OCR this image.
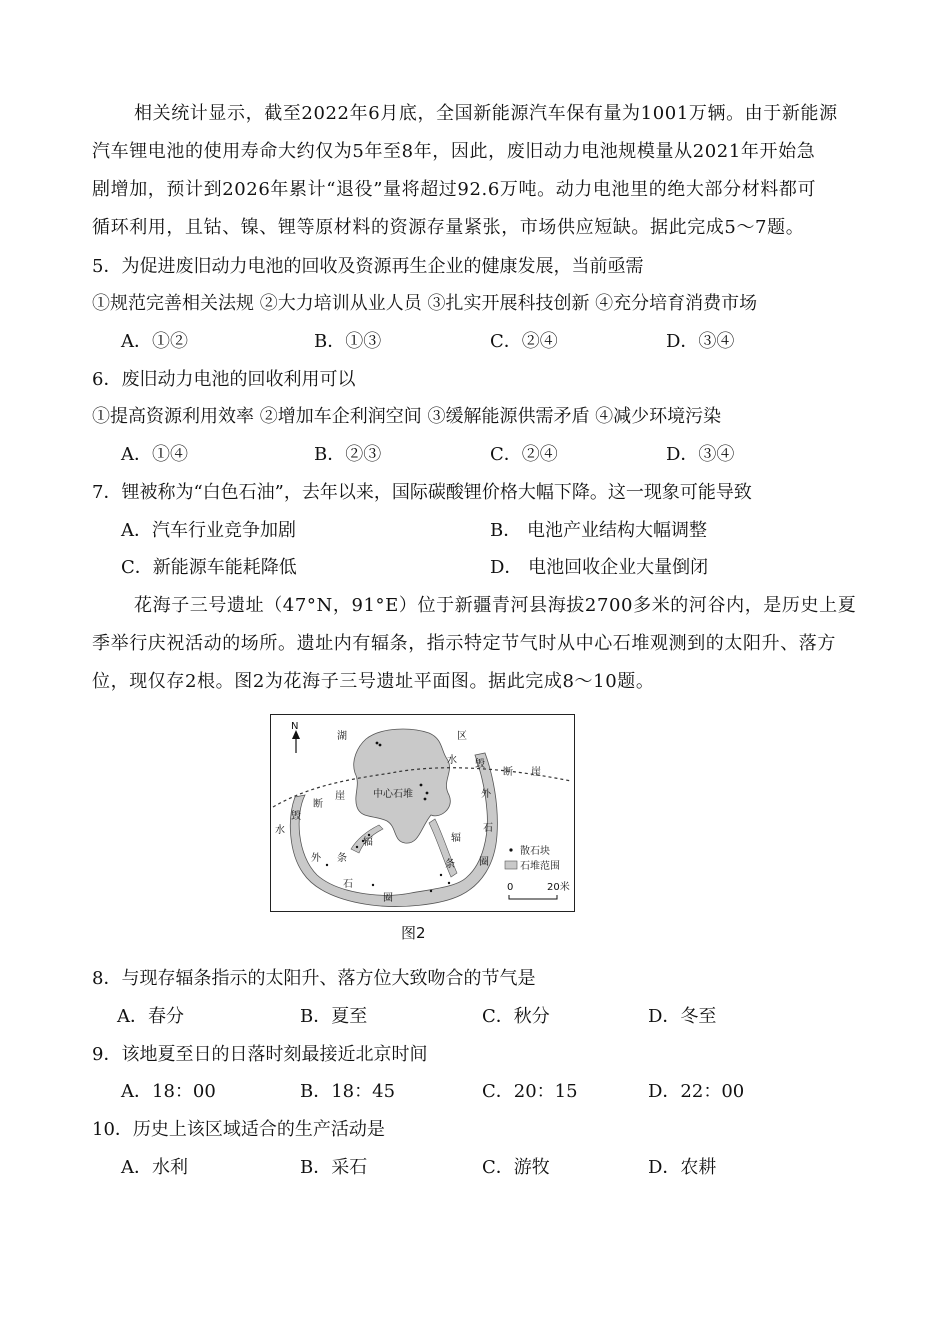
相关统计显示，截至2022年6月底，全国新能源汽车保有量为1001万辆。由于新能源
汽车锂电池的使用寿命大约仅为5年至8年，因此，废旧动力电池规模量从2021年开始急
剧增加，预计到2026年累计“退役”量将超过92.6万吨。动力电池里的绝大部分材料都可
循环利用，且钴、镍、锂等原材料的资源存量紧张，市场供应短缺。据此完成5～7题。
5．为促进废旧动力电池的回收及资源再生企业的健康发展，当前亟需
①规范完善相关法规 ②大力培训从业人员 ③扎实开展科技创新 ④充分培育消费市场
A．①②	B．①③	C．②④	D．③④
6．废旧动力电池的回收利用可以
①提高资源利用效率 ②增加车企利润空间 ③缓解能源供需矛盾 ④减少环境污染
A．①④	B．②③	C．②④	D．③④
7．锂被称为“白色石油”，去年以来，国际碳酸锂价格大幅下降。这一现象可能导致
A．汽车行业竞争加剧	B． 电池产业结构大幅调整
C．新能源车能耗降低	D． 电池回收企业大量倒闭
花海子三号遗址（47°N，91°E）位于新疆青河县海拔2700多米的河谷内，是历史上夏
季举行庆祝活动的场所。遗址内有辐条，指示特定节气时从中心石堆观测到的太阳升、落方
位，现仅存2根。图2为花海子三号遗址平面图。据此完成8～10题。
N
湖	区
水 毁
断 崖
毁
断
崖
水
中心石堆
辐
条
辐
条
外
石
圈
外
石
圈
散石块
石堆范围
0	20米
图2
8．与现存辐条指示的太阳升、落方位大致吻合的节气是
A．春分	B．夏至	C．秋分	D．冬至
9．该地夏至日的日落时刻最接近北京时间
A．18：00	B．18：45	C．20：15	D．22：00
10．历史上该区域适合的生产活动是
A．水利	B．采石	C．游牧	D．农耕
